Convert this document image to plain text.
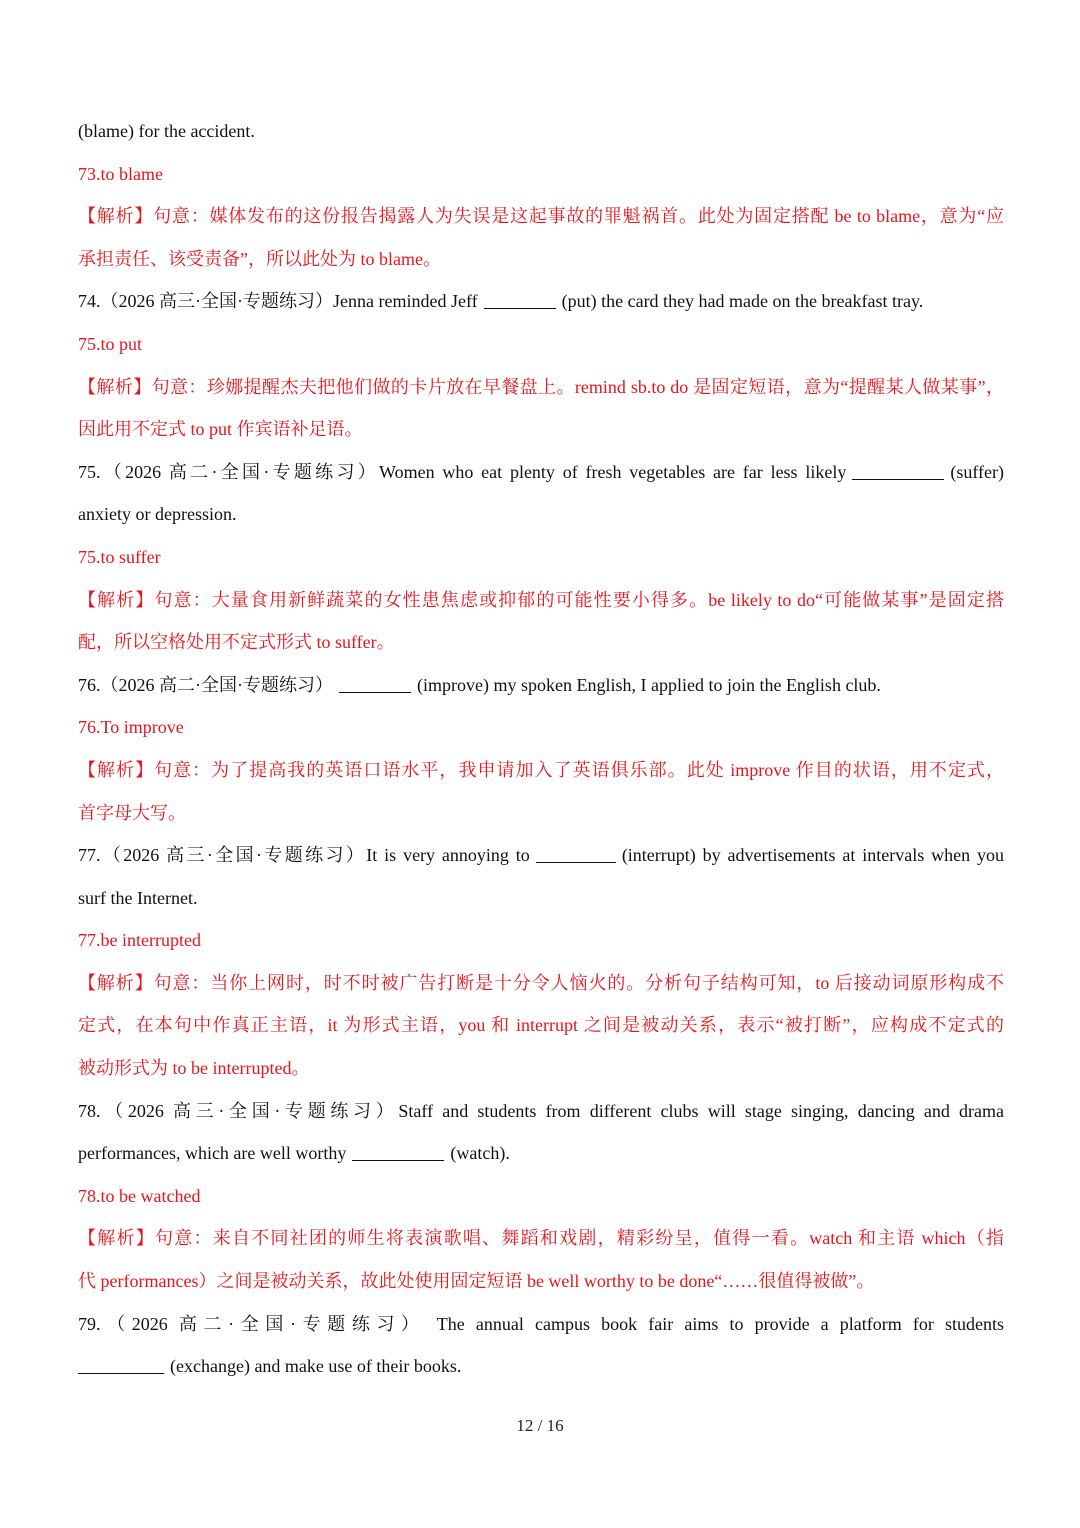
(blame) for the accident.

73.to blame

【解析】句意：媒体发布的这份报告揭露人为失误是这起事故的罪魁祸首。此处为固定搭配 be to blame，意为“应

承担责任、该受责备”，所以此处为 to blame。

74.（2026 高三·全国·专题练习）Jenna reminded Jeff	(put) the card they had made on the breakfast tray.

75.to put

【解析】句意：珍娜提醒杰夫把他们做的卡片放在早餐盘上。remind sb.to do 是固定短语，意为“提醒某人做某事”，

因此用不定式 to put 作宾语补足语。

75.（2026 高二·全国·专题练习）Women who eat plenty of fresh vegetables are far less likely	(suffer)

anxiety or depression.

75.to suffer

【解析】句意：大量食用新鲜蔬菜的女性患焦虑或抑郁的可能性要小得多。be likely to do“可能做某事”是固定搭

配，所以空格处用不定式形式 to suffer。

76.（2026 高二·全国·专题练习）	(improve) my spoken English, I applied to join the English club.

76.To improve

【解析】句意：为了提高我的英语口语水平，我申请加入了英语俱乐部。此处 improve 作目的状语，用不定式，

首字母大写。

77.（2026 高三·全国·专题练习）It is very annoying to	(interrupt) by advertisements at intervals when you

surf the Internet.

77.be interrupted

【解析】句意：当你上网时，时不时被广告打断是十分令人恼火的。分析句子结构可知，to 后接动词原形构成不

定式，在本句中作真正主语，it 为形式主语，you 和 interrupt 之间是被动关系，表示“被打断”，应构成不定式的

被动形式为 to be interrupted。

78.（2026 高三·全国·专题练习）Staff and students from different clubs will stage singing, dancing and drama

performances, which are well worthy	(watch).

78.to be watched

【解析】句意：来自不同社团的师生将表演歌唱、舞蹈和戏剧，精彩纷呈，值得一看。watch 和主语 which（指

代 performances）之间是被动关系，故此处使用固定短语 be well worthy to be done“……很值得被做”。

79.（2026 高二·全国·专题练习） The annual campus book fair aims to provide a platform for students

(exchange) and make use of their books.

12 / 16
